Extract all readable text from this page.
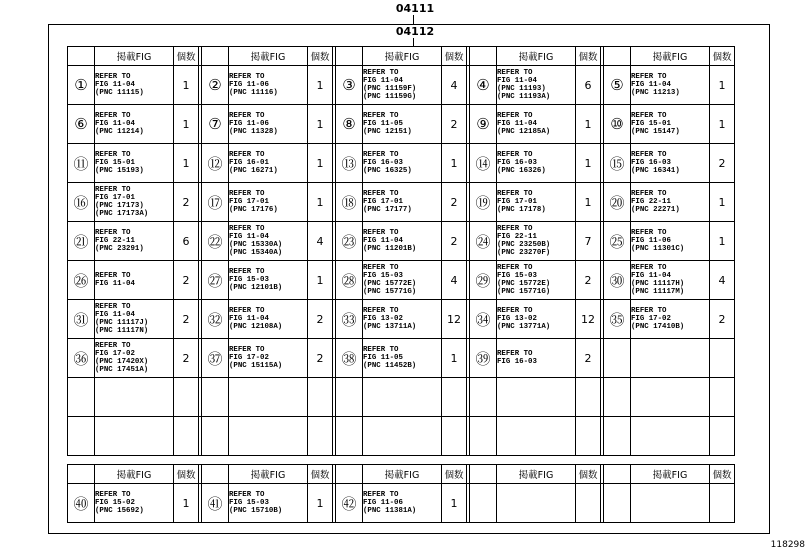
04111
04112
	掲載FIG	個数			掲載FIG	個数			掲載FIG	個数			掲載FIG	個数			掲載FIG	個数
①	REFER TO
FIG 11-04
(PNC 11115)	1		②	REFER TO
FIG 11-06
(PNC 11116)	1		③	REFER TO
FIG 11-04
(PNC 11159F)
(PNC 11159G)	4		④	REFER TO
FIG 11-04
(PNC 11193)
(PNC 11193A)	6		⑤	REFER TO
FIG 11-04
(PNC 11213)	1
⑥	REFER TO
FIG 11-04
(PNC 11214)	1		⑦	REFER TO
FIG 11-06
(PNC 11328)	1		⑧	REFER TO
FIG 11-05
(PNC 12151)	2		⑨	REFER TO
FIG 11-04
(PNC 12185A)	1		⑩	REFER TO
FIG 15-01
(PNC 15147)	1
⑪	REFER TO
FIG 15-01
(PNC 15193)	1		⑫	REFER TO
FIG 16-01
(PNC 16271)	1		⑬	REFER TO
FIG 16-03
(PNC 16325)	1		⑭	REFER TO
FIG 16-03
(PNC 16326)	1		⑮	REFER TO
FIG 16-03
(PNC 16341)	2
⑯	REFER TO
FIG 17-01
(PNC 17173)
(PNC 17173A)	2		⑰	REFER TO
FIG 17-01
(PNC 17176)	1		⑱	REFER TO
FIG 17-01
(PNC 17177)	2		⑲	REFER TO
FIG 17-01
(PNC 17178)	1		⑳	REFER TO
FIG 22-11
(PNC 22271)	1
㉑	REFER TO
FIG 22-11
(PNC 23291)	6		㉒	REFER TO
FIG 11-04
(PNC 15330A)
(PNC 15340A)	4		㉓	REFER TO
FIG 11-04
(PNC 11201B)	2		㉔	REFER TO
FIG 22-11
(PNC 23250B)
(PNC 23270F)	7		㉕	REFER TO
FIG 11-06
(PNC 11301C)	1
㉖	REFER TO
FIG 11-04	2		㉗	REFER TO
FIG 15-03
(PNC 12101B)	1		㉘	REFER TO
FIG 15-03
(PNC 15772E)
(PNC 15771G)	4		㉙	REFER TO
FIG 15-03
(PNC 15772E)
(PNC 15771G)	2		㉚	REFER TO
FIG 11-04
(PNC 11117H)
(PNC 11117M)	4
㉛	REFER TO
FIG 11-04
(PNC 11117J)
(PNC 11117N)	2		㉜	REFER TO
FIG 11-04
(PNC 12108A)	2		㉝	REFER TO
FIG 13-02
(PNC 13711A)	12		㉞	REFER TO
FIG 13-02
(PNC 13771A)	12		㉟	REFER TO
FIG 17-02
(PNC 17410B)	2
㊱	REFER TO
FIG 17-02
(PNC 17420X)
(PNC 17451A)	2		㊲	REFER TO
FIG 17-02
(PNC 15115A)	2		㊳	REFER TO
FIG 11-05
(PNC 11452B)	1		㊴	REFER TO
FIG 16-03	2				

	掲載FIG	個数			掲載FIG	個数			掲載FIG	個数			掲載FIG	個数			掲載FIG	個数
㊵	REFER TO
FIG 15-02
(PNC 15692)	1		㊶	REFER TO
FIG 15-03
(PNC 15710B)	1		㊷	REFER TO
FIG 11-06
(PNC 11381A)	1								
118298
